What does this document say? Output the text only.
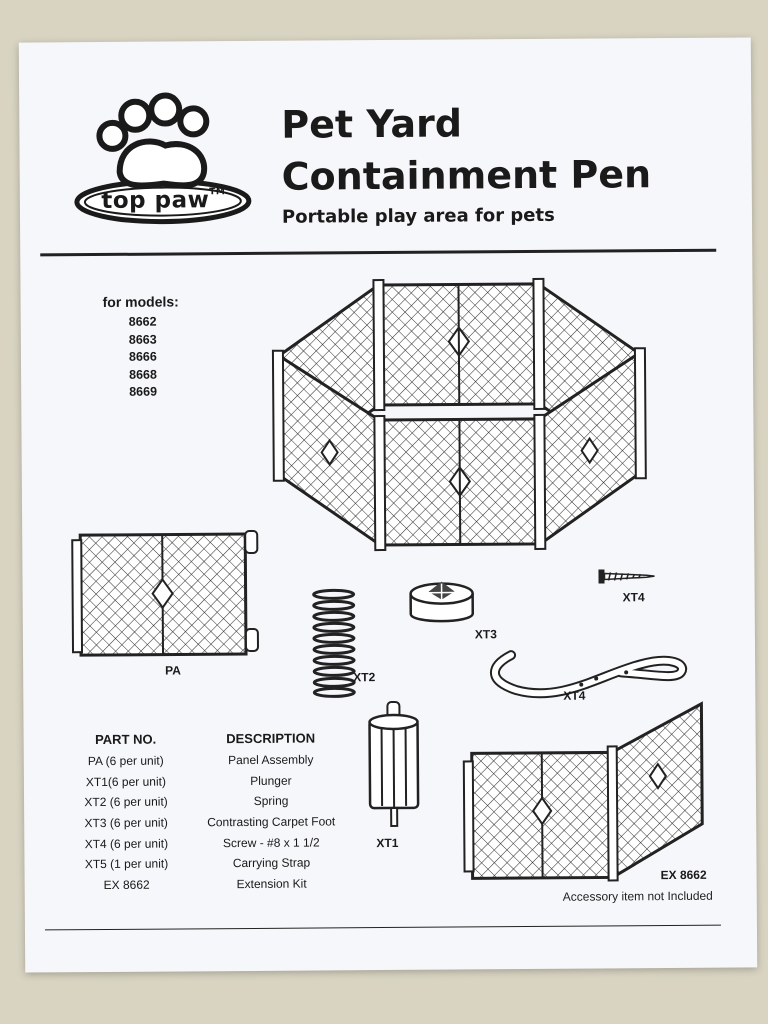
top paw™
Pet Yard
Containment Pen
Portable play area for pets
for models:
8662
8663
8666
8668
8669
PA	XT2
XT3
XT4
XT4
XT1
EX 8662
PART NO.	DESCRIPTION
PA (6 per unit)	Panel Assembly
XT1(6 per unit)	Plunger
XT2 (6 per unit)	Spring
XT3 (6 per unit)	Contrasting Carpet Foot
XT4 (6 per unit)	Screw - #8 x 1 1/2
XT5 (1 per unit)	Carrying Strap
EX 8662	Extension Kit
Accessory item not Included
